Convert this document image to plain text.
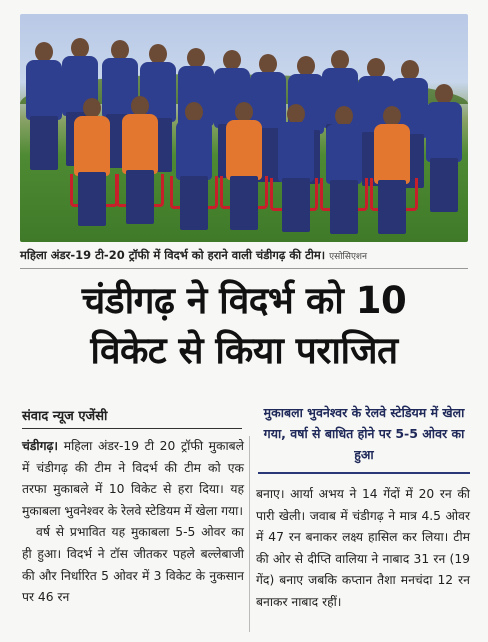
महिला अंडर-19 टी-20 ट्रॉफी में विदर्भ को हराने वाली चंडीगढ़ की टीम। एसोसिएशन
चंडीगढ़ ने विदर्भ को 10
विकेट से किया पराजित
संवाद न्यूज एजेंसी	मुकाबला भुवनेश्वर के रेलवे स्टेडियम में खेला गया, वर्षा से बाधित होने पर 5-5 ओवर का हुआ

चंडीगढ़। महिला अंडर-19 टी 20 ट्रॉफी मुकाबले में चंडीगढ़ की टीम ने विदर्भ की टीम को एक तरफा मुकाबले में 10 विकेट से हरा दिया। यह मुकाबला भुवनेश्वर के रेलवे स्टेडियम में खेला गया।

वर्ष से प्रभावित यह मुकाबला 5-5 ओवर का ही हुआ। विदर्भ ने टॉस जीतकर पहले बल्लेबाजी की और निर्धारित 5 ओवर में 3 विकेट के नुकसान पर 46 रन

बनाए। आर्या अभय ने 14 गेंदों में 20 रन की पारी खेली। जवाब में चंडीगढ़ ने मात्र 4.5 ओवर में 47 रन बनाकर लक्ष्य हासिल कर लिया। टीम की ओर से दीप्ति वालिया ने नाबाद 31 रन (19 गेंद) बनाए जबकि कप्तान तैशा मनचंदा 12 रन बनाकर नाबाद रहीं।
